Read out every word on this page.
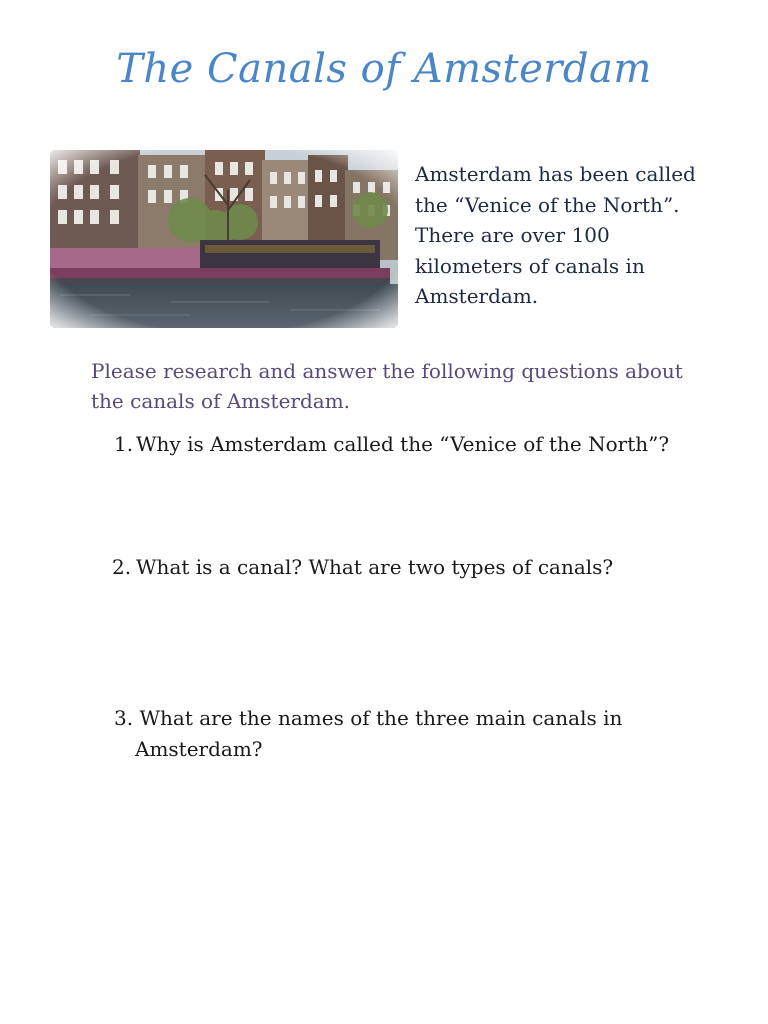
The Canals of Amsterdam

Amsterdam has been called the “Venice of the North”. There are over 100 kilometers of canals in Amsterdam.

Please research and answer the following questions about the canals of Amsterdam.

1. Why is Amsterdam called the “Venice of the North”?
2. What is a canal? What are two types of canals?
3. What are the names of the three main canals in
Amsterdam?
